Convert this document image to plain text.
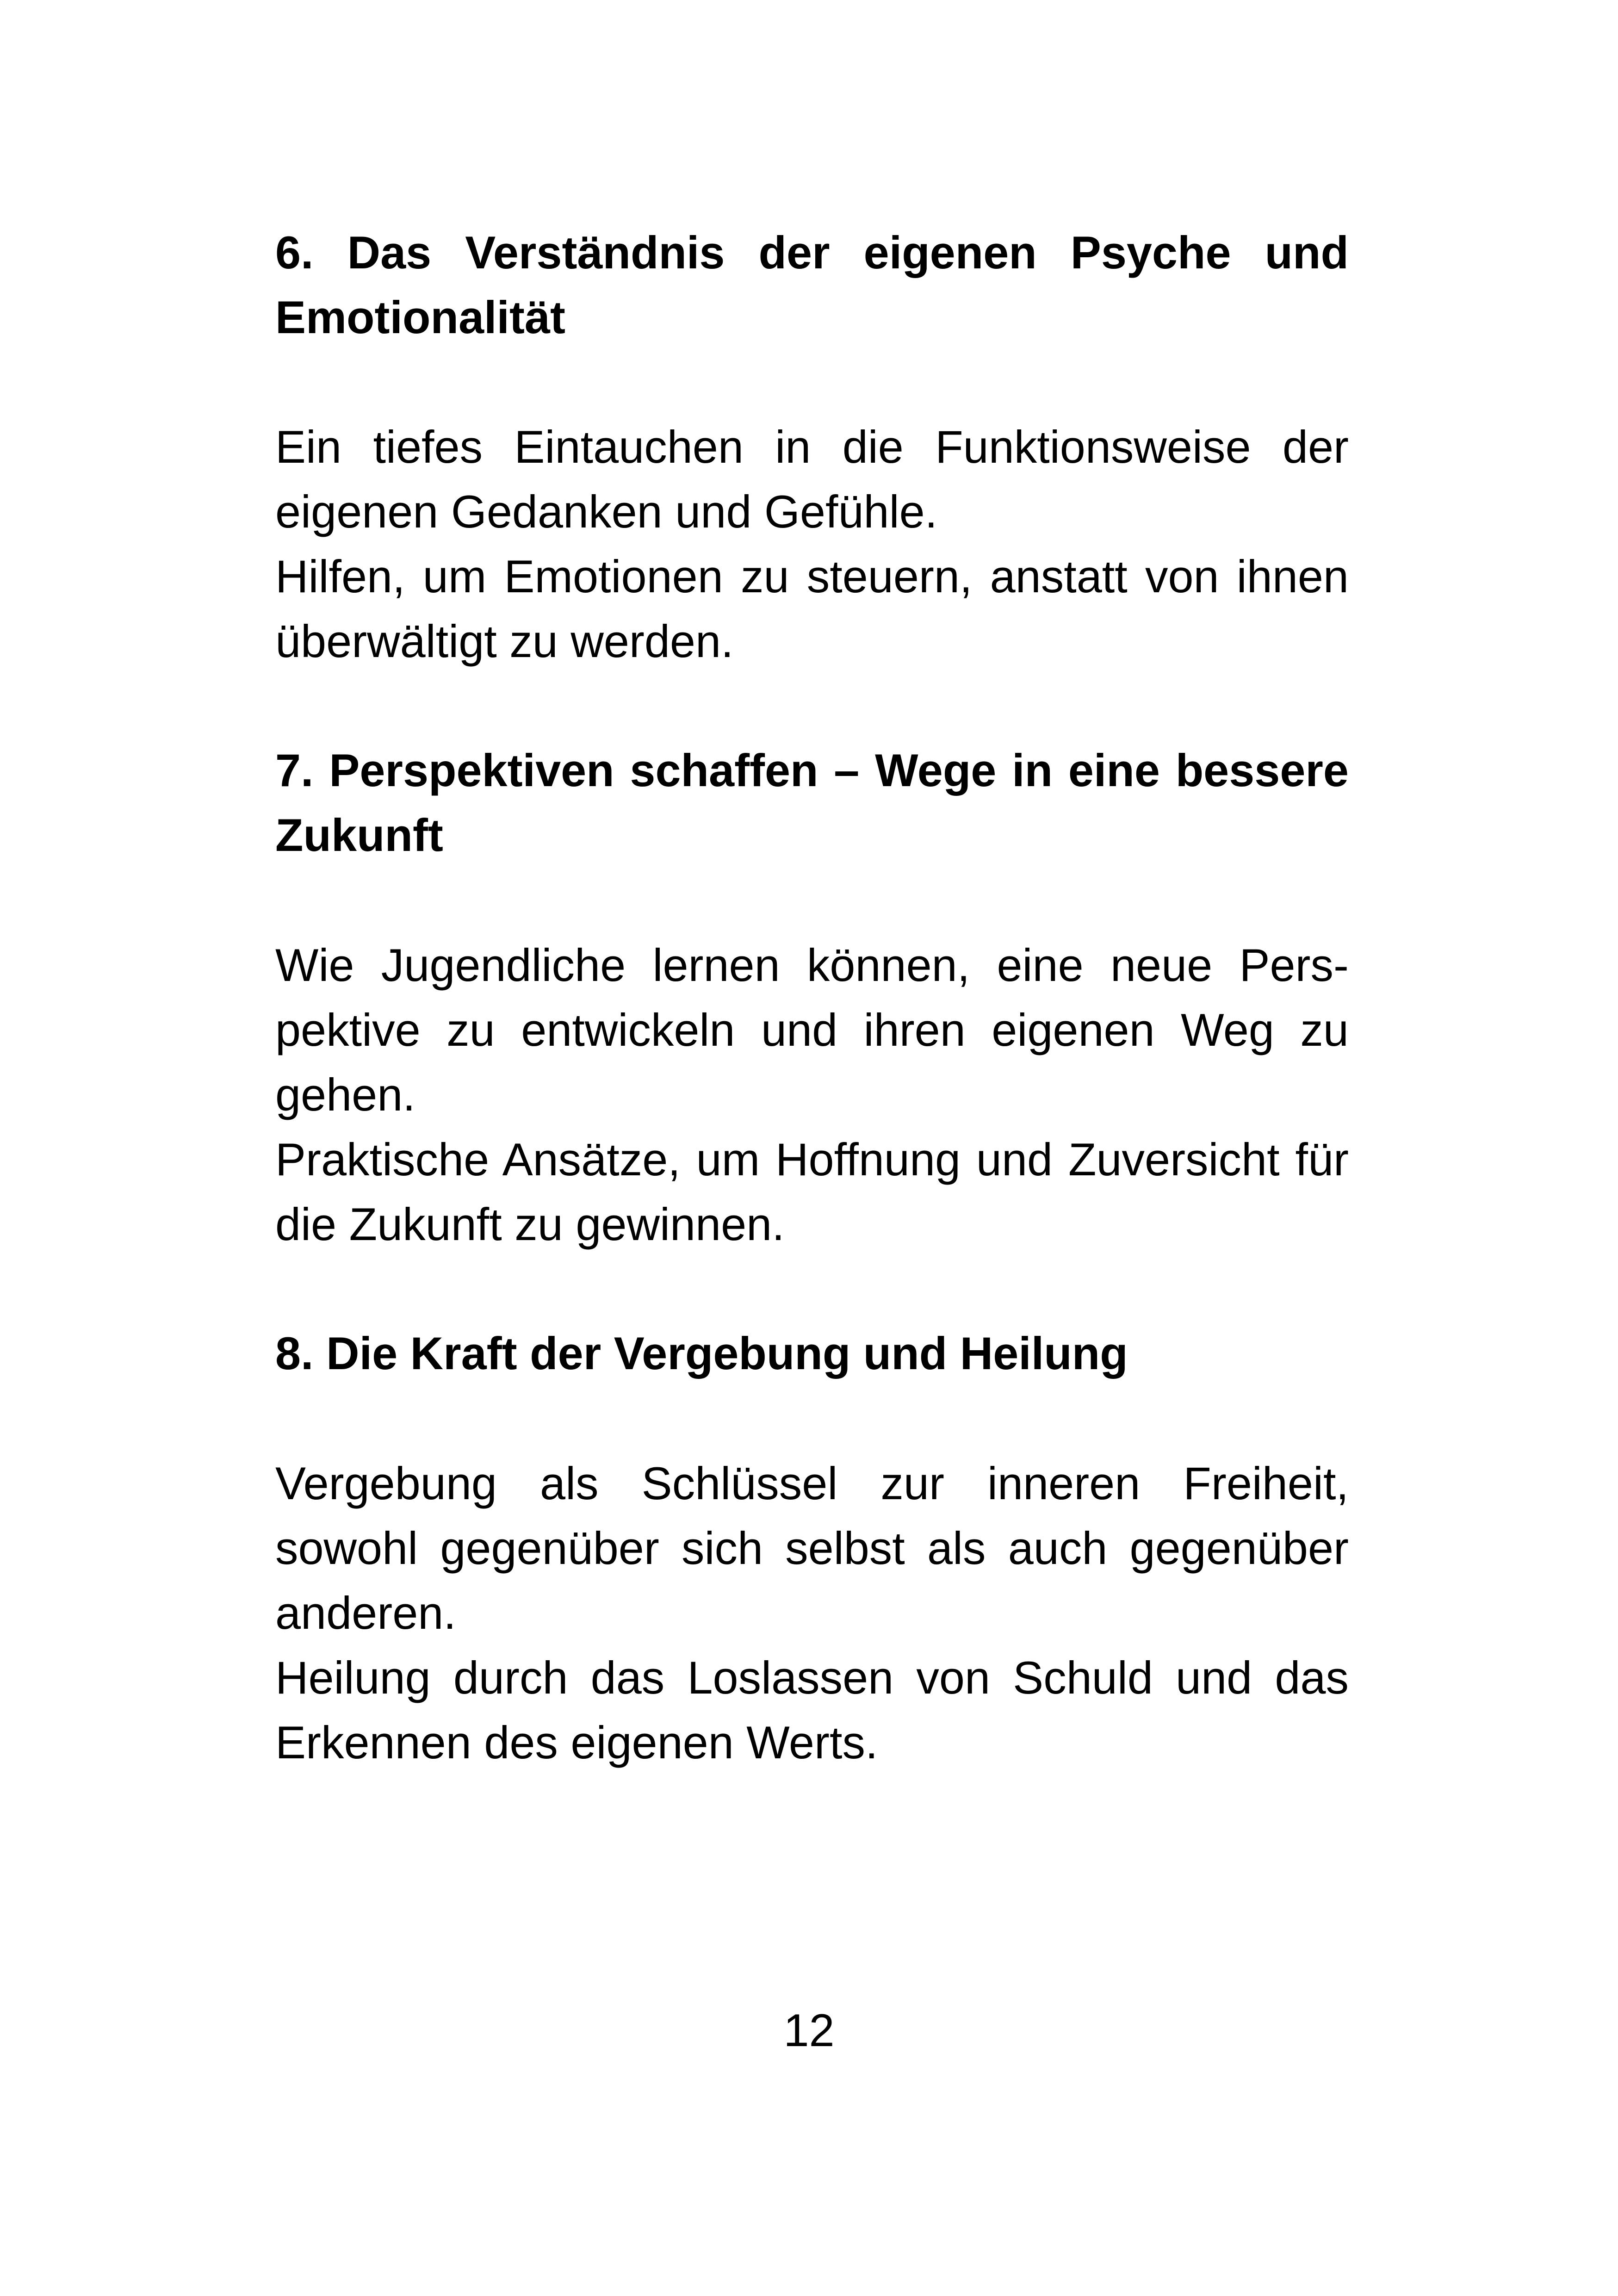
6. Das Verständnis der eigenen Psyche und Emotionalität
Ein tiefes Eintauchen in die Funktionsweise der eigenen Gedanken und Gefühle.
Hilfen, um Emotionen zu steuern, anstatt von ihnen überwältigt zu werden.
7. Perspektiven schaffen – Wege in eine bessere Zukunft
Wie Jugendliche lernen können, eine neue Pers-pektive zu entwickeln und ihren eigenen Weg zu gehen.
Praktische Ansätze, um Hoffnung und Zuversicht für die Zukunft zu gewinnen.
8. Die Kraft der Vergebung und Heilung
Vergebung als Schlüssel zur inneren Freiheit, sowohl gegenüber sich selbst als auch gegenüber anderen.
Heilung durch das Loslassen von Schuld und das Erkennen des eigenen Werts.

12
